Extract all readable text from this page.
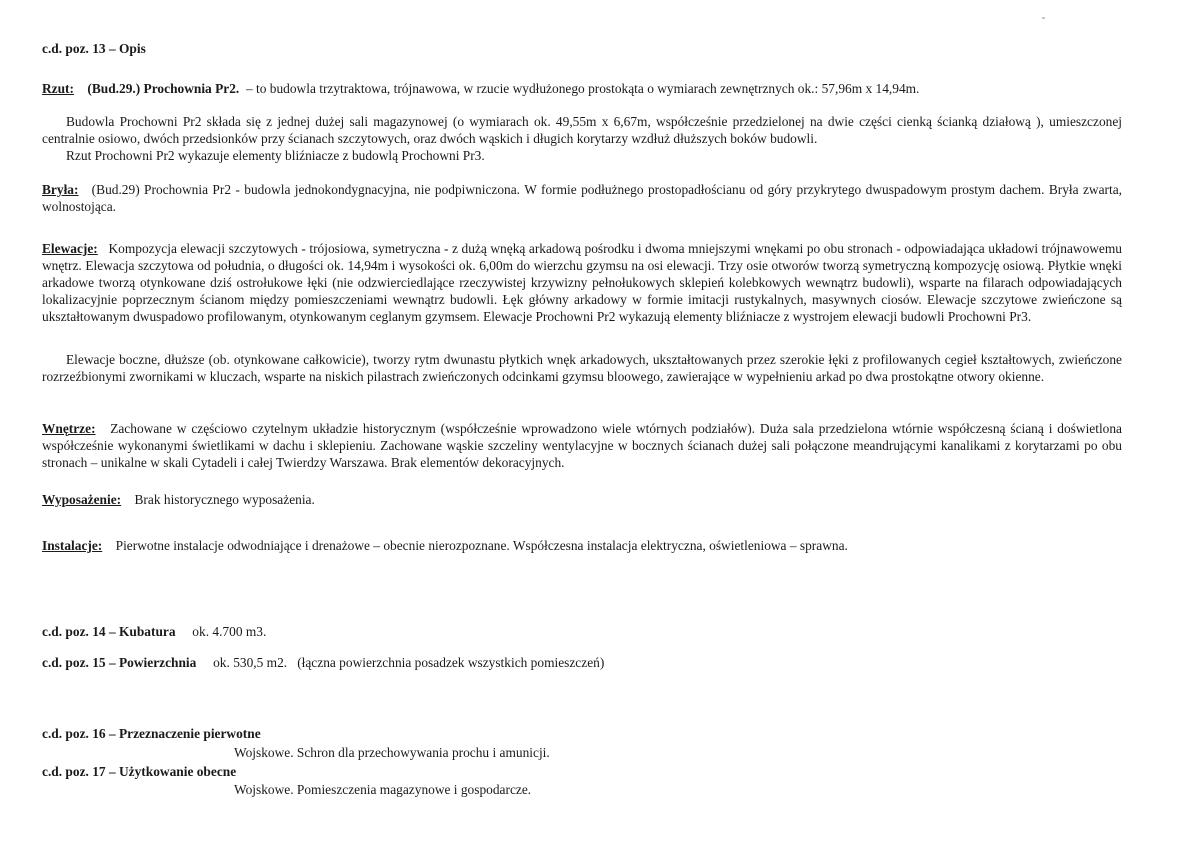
c.d. poz. 13 – Opis
Rzut: (Bud.29.) Prochownia Pr2. – to budowla trzytraktowa, trójnawowa, w rzucie wydłużonego prostokąta o wymiarach zewnętrznych ok.: 57,96m x 14,94m.

Budowla Prochowni Pr2 składa się z jednej dużej sali magazynowej (o wymiarach ok. 49,55m x 6,67m, współcześnie przedzielonej na dwie części cienką ścianką działową ), umieszczonej centralnie osiowo, dwóch przedsionków przy ścianach szczytowych, oraz dwóch wąskich i długich korytarzy wzdłuż dłuższych boków budowli.

Rzut Prochowni Pr2 wykazuje elementy bliźniacze z budowlą Prochowni Pr3.

Bryła: (Bud.29) Prochownia Pr2 - budowla jednokondygnacyjna, nie podpiwniczona. W formie podłużnego prostopadłościanu od góry przykrytego dwuspadowym prostym dachem. Bryła zwarta, wolnostojąca.

Elewacje: Kompozycja elewacji szczytowych - trójosiowa, symetryczna - z dużą wnęką arkadową pośrodku i dwoma mniejszymi wnękami po obu stronach - odpowiadająca układowi trójnawowemu wnętrz. Elewacja szczytowa od południa, o długości ok. 14,94m i wysokości ok. 6,00m do wierzchu gzymsu na osi elewacji. Trzy osie otworów tworzą symetryczną kompozycję osiową. Płytkie wnęki arkadowe tworzą otynkowane dziś ostrołukowe łęki (nie odzwierciedlające rzeczywistej krzywizny pełnołukowych sklepień kolebkowych wewnątrz budowli), wsparte na filarach odpowiadających lokalizacyjnie poprzecznym ścianom między pomieszczeniami wewnątrz budowli. Łęk główny arkadowy w formie imitacji rustykalnych, masywnych ciosów. Elewacje szczytowe zwieńczone są ukształtowanym dwuspadowo profilowanym, otynkowanym ceglanym gzymsem. Elewacje Prochowni Pr2 wykazują elementy bliźniacze z wystrojem elewacji budowli Prochowni Pr3.

Elewacje boczne, dłuższe (ob. otynkowane całkowicie), tworzy rytm dwunastu płytkich wnęk arkadowych, ukształtowanych przez szerokie łęki z profilowanych cegieł kształtowych, zwieńczone rozrzeźbionymi zwornikami w kluczach, wsparte na niskich pilastrach zwieńczonych odcinkami gzymsu bloowego, zawierające w wypełnieniu arkad po dwa prostokątne otwory okienne.

Wnętrze: Zachowane w częściowo czytelnym układzie historycznym (współcześnie wprowadzono wiele wtórnych podziałów). Duża sala przedzielona wtórnie współczesną ścianą i doświetlona współcześnie wykonanymi świetlikami w dachu i sklepieniu. Zachowane wąskie szczeliny wentylacyjne w bocznych ścianach dużej sali połączone meandrującymi kanalikami z korytarzami po obu stronach – unikalne w skali Cytadeli i całej Twierdzy Warszawa. Brak elementów dekoracyjnych.

Wyposażenie: Brak historycznego wyposażenia.
Instalacje: Pierwotne instalacje odwodniające i drenażowe – obecnie nierozpoznane. Współczesna instalacja elektryczna, oświetleniowa – sprawna.
c.d. poz. 14 – Kubatura ok. 4.700 m3.
c.d. poz. 15 – Powierzchnia ok. 530,5 m2. (łączna powierzchnia posadzek wszystkich pomieszczeń)
c.d. poz. 16 – Przeznaczenie pierwotne
Wojskowe. Schron dla przechowywania prochu i amunicji.
c.d. poz. 17 – Użytkowanie obecne
Wojskowe. Pomieszczenia magazynowe i gospodarcze.
